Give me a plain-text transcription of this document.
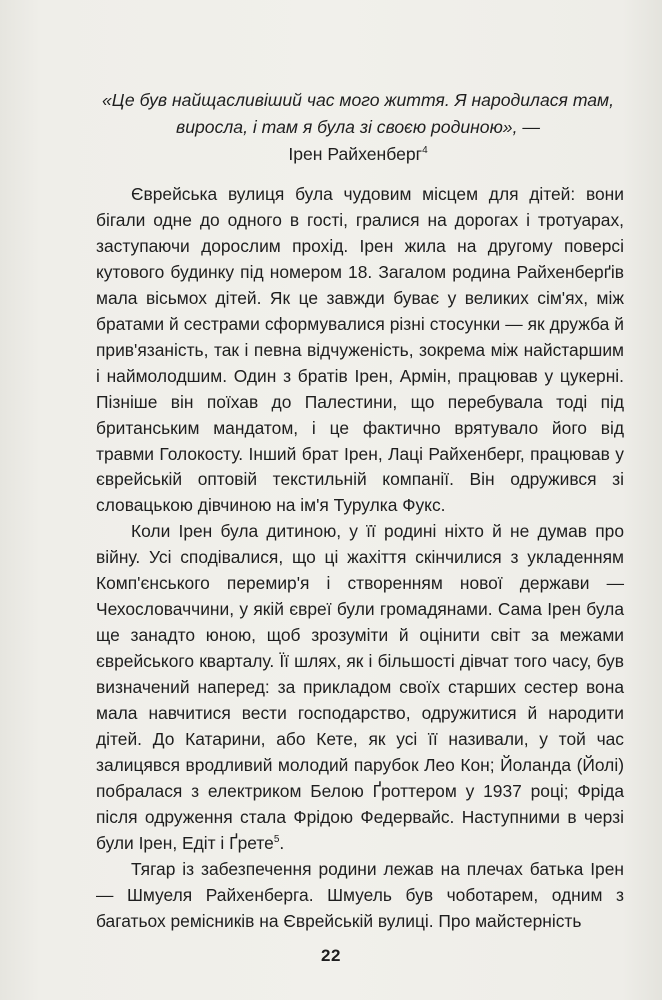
«Це був найщасливіший час мого життя. Я народилася там, виросла, і там я була зі своєю родиною», —
Ірен Райхенберг$^4$

Єврейська вулиця була чудовим місцем для дітей: вони бігали одне до одного в гості, гралися на дорогах і тротуарах, заступаючи дорослим прохід. Ірен жила на другому поверсі кутового будинку під номером 18. Загалом родина Райхенберґів мала вісьмох дітей. Як це завжди буває у великих сім'ях, між братами й сестрами сформувалися різні стосунки — як дружба й прив'язаність, так і певна відчуженість, зокрема між найстаршим і наймолодшим. Один з братів Ірен, Армін, працював у цукерні. Пізніше він поїхав до Палестини, що перебувала тоді під британським мандатом, і це фактично врятувало його від травми Голокосту. Інший брат Ірен, Лаці Райхенберг, працював у єврейській оптовій текстильній компанії. Він одружився зі словацькою дівчиною на ім'я Турулка Фукс.

Коли Ірен була дитиною, у її родині ніхто й не думав про війну. Усі сподівалися, що ці жахіття скінчилися з укладенням Комп'єнського перемир'я і створенням нової держави — Чехословаччини, у якій євреї були громадянами. Сама Ірен була ще занадто юною, щоб зрозуміти й оцінити світ за межами єврейського кварталу. Її шлях, як і більшості дівчат того часу, був визначений наперед: за прикладом своїх старших сестер вона мала навчитися вести господарство, одружитися й народити дітей. До Катарини, або Кете, як усі її називали, у той час залицявся вродливий молодий парубок Лео Кон; Йоланда (Йолі) побралася з електриком Белою Ґроттером у 1937 році; Фріда після одруження стала Фрідою Федервайс. Наступними в черзі були Ірен, Едіт і Ґрете$^5$.

Тягар із забезпечення родини лежав на плечах батька Ірен — Шмуеля Райхенберга. Шмуель був чоботарем, одним з багатьох ремісників на Єврейській вулиці. Про майстерність

22
